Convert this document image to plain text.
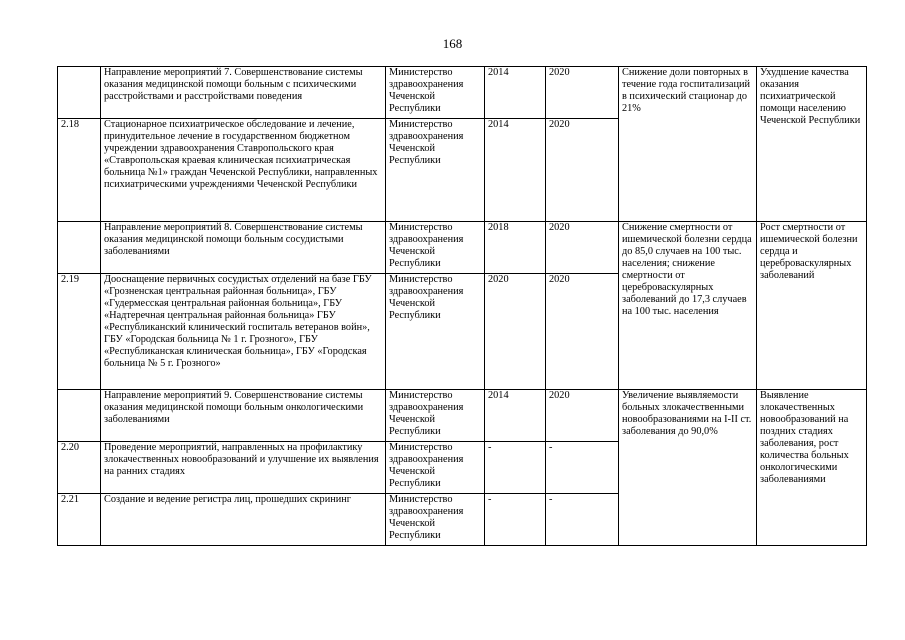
168
	Направление мероприятий 7. Совершенствование системы оказания медицинской помощи больным с психическими расстройствами и расстройствами поведения	Министерство здравоохранения Чеченской Республики	2014	2020	Снижение доли повторных в течение года госпитализаций в психический стационар до 21%	Ухудшение качества оказания психиатрической помощи населению Чеченской Республики
2.18	Стационарное психиатрическое обследование и лечение, принудительное лечение в государственном бюджетном учреждении здравоохранения Ставропольского края «Ставропольская краевая клиническая психиатрическая больница №1» граждан Чеченской Республики, направленных психиатрическими учреждениями Чеченской Республики	Министерство здравоохранения Чеченской Республики	2014	2020		
	Направление мероприятий 8. Совершенствование системы оказания медицинской помощи больным сосудистыми заболеваниями	Министерство здравоохранения Чеченской Республики	2018	2020	Снижение смертности от ишемической болезни сердца до 85,0 случаев на 100 тыс. населения; снижение смертности от цереброваскулярных заболеваний до 17,3 случаев на 100 тыс. населения	Рост смертности от ишемической болезни сердца и цереброваскулярных заболеваний
2.19	Дооснащение первичных сосудистых отделений на базе ГБУ «Грозненская центральная районная больница», ГБУ «Гудермесская центральная районная больница», ГБУ «Надтеречная центральная районная больница» ГБУ «Республиканский клинический госпиталь ветеранов войн», ГБУ «Городская больница № 1 г. Грозного», ГБУ «Республиканская клиническая больница», ГБУ «Городская больница № 5 г. Грозного»	Министерство здравоохранения Чеченской Республики	2020	2020		
	Направление мероприятий 9. Совершенствование системы оказания медицинской помощи больным онкологическими заболеваниями	Министерство здравоохранения Чеченской Республики	2014	2020	Увеличение выявляемости больных злокачественными новообразованиями на I-II ст. заболевания до 90,0%	Выявление злокачественных новообразований на поздних стадиях заболевания, рост количества больных онкологическими заболеваниями
2.20	Проведение мероприятий, направленных на профилактику злокачественных новообразований и улучшение их выявления на ранних стадиях	Министерство здравоохранения Чеченской Республики	-	-		
2.21	Создание и ведение регистра лиц, прошедших скрининг	Министерство здравоохранения Чеченской Республики	-	-		
